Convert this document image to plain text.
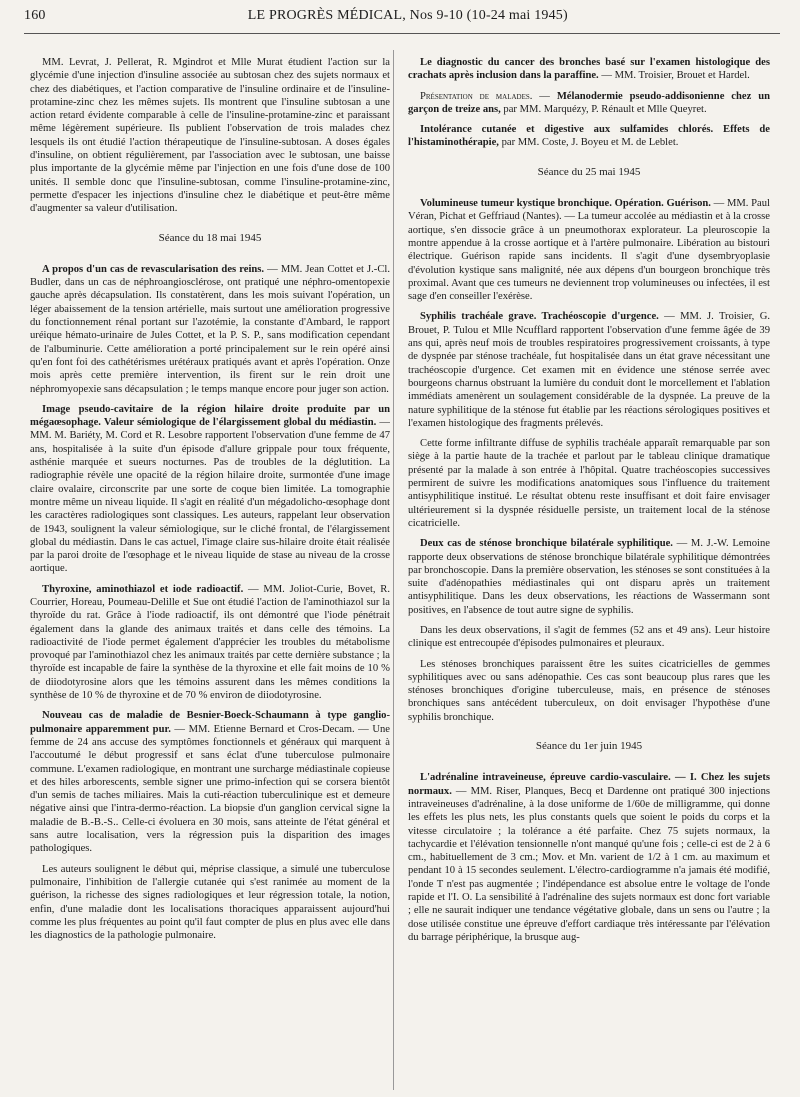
160	LE PROGRÈS MÉDICAL, Nos 9-10 (10-24 mai 1945)

MM. Levrat, J. Pellerat, R. Mgindrot et Mlle Murat étudient l'action sur la glycémie d'une injection d'insuline associée au subtosan chez des sujets normaux et chez des diabétiques, et l'action comparative de l'insuline ordinaire et de l'insuline-protamine-zinc chez les mêmes sujets. Ils montrent que l'insuline subtosan a une action retard évidente comparable à celle de l'insuline-protamine-zinc et paraissant même légèrement supérieure. Ils publient l'observation de trois malades chez lesquels ils ont étudié l'action thérapeutique de l'insuline-subtosan. A doses égales d'insuline, on obtient régulièrement, par l'association avec le subtosan, une baisse plus importante de la glycémie même par l'injection en une fois d'une dose de 100 unités. Il semble donc que l'insuline-subtosan, comme l'insuline-protamine-zinc, permette d'espacer les injections d'insuline chez le diabétique et peut-être même d'augmenter sa valeur d'utilisation.

Séance du 18 mai 1945

A propos d'un cas de revascularisation des reins. — MM. Jean Cottet et J.-Cl. Budler, dans un cas de néphroangiosclérose, ont pratiqué une néphro-omentopexie gauche après décapsulation. Ils constatèrent, dans les mois suivant l'opération, un léger abaissement de la tension artérielle, mais surtout une amélioration progressive du fonctionnement rénal portant sur l'azotémie, la constante d'Ambard, le rapport uréique hémato-urinaire de Jules Cottet, et la P. S. P., sans modification cependant de l'albuminurie. Cette amélioration a porté principalement sur le rein opéré ainsi qu'en font foi des cathétérismes urétéraux pratiqués avant et après l'opération. Onze mois après cette première intervention, ils firent sur le rein droit une néphromyopexie sans décapsulation ; le temps manque encore pour juger son action.

Image pseudo-cavitaire de la région hilaire droite produite par un mégaœsophage. Valeur sémiologique de l'élargissement global du médiastin. — MM. M. Bariéty, M. Cord et R. Lesobre rapportent l'observation d'une femme de 47 ans, hospitalisée à la suite d'un épisode d'allure grippale pour toux fréquente, asthénie marquée et sueurs nocturnes. Pas de troubles de la déglutition. La radiographie révèle une opacité de la région hilaire droite, surmontée d'une image claire ovalaire, circonscrite par une sorte de coque bien limitée. La tomographie montre même un niveau liquide. Il s'agit en réalité d'un mégadolicho-œsophage dont les caractères radiologiques sont classiques. Les auteurs, rappelant leur observation de 1943, soulignent la valeur sémiologique, sur le cliché frontal, de l'élargissement global du médiastin. Dans le cas actuel, l'image claire sus-hilaire droite était réalisée par la paroi droite de l'œsophage et le niveau liquide de stase au niveau de la crosse aortique.

Thyroxine, aminothiazol et iode radioactif. — MM. Joliot-Curie, Bovet, R. Courrier, Horeau, Poumeau-Delille et Sue ont étudié l'action de l'aminothiazol sur la thyroïde du rat. Grâce à l'iode radioactif, ils ont démontré que l'iode pénétrait également dans la glande des animaux traités et dans celle des témoins. La radioactivité de l'iode permet également d'apprécier les troubles du métabolisme provoqué par l'aminothiazol chez les animaux traités par cette dernière substance ; la thyroïde est incapable de faire la synthèse de la thyroxine et elle fait moins de 10 % de diiodotyrosine alors que les témoins assurent dans les mêmes conditions la synthèse de 10 % de thyroxine et de 70 % environ de diiodotyrosine.

Nouveau cas de maladie de Besnier-Boeck-Schaumann à type ganglio-pulmonaire apparemment pur. — MM. Etienne Bernard et Cros-Decam. — Une femme de 24 ans accuse des symptômes fonctionnels et généraux qui marquent à l'accoutumé le début progressif et sans éclat d'une tuberculose pulmonaire commune. L'examen radiologique, en montrant une surcharge médiastinale copieuse et des hiles arborescents, semble signer une primo-infection qui se corsera bientôt d'un semis de taches miliaires. Mais la cuti-réaction tuberculinique est et demeure négative ainsi que l'intra-dermo-réaction. La biopsie d'un ganglion cervical signe la maladie de B.-B.-S.. Celle-ci évoluera en 30 mois, sans atteinte de l'état général et sans autre localisation, vers la régression puis la disparition des images pathologiques.

Les auteurs soulignent le début qui, méprise classique, a simulé une tuberculose pulmonaire, l'inhibition de l'allergie cutanée qui s'est ranimée au moment de la guérison, la richesse des signes radiologiques et leur régression totale, la notion, enfin, d'une maladie dont les localisations thoraciques apparaissent aujourd'hui comme les plus fréquentes au point qu'il faut compter de plus en plus avec elle dans les diagnostics de la pathologie pulmonaire.

Le diagnostic du cancer des bronches basé sur l'examen histologique des crachats après inclusion dans la paraffine. — MM. Troisier, Brouet et Hardel.

Présentation de malades. — Mélanodermie pseudo-addisonienne chez un garçon de treize ans, par MM. Marquézy, P. Rénault et Mlle Queyret.

Intolérance cutanée et digestive aux sulfamides chlorés. Effets de l'histaminothérapie, par MM. Coste, J. Boyeu et M. de Leblet.

Séance du 25 mai 1945

Volumineuse tumeur kystique bronchique. Opération. Guérison. — MM. Paul Véran, Pichat et Geffriaud (Nantes). — La tumeur accolée au médiastin et à la crosse aortique, s'en dissocie grâce à un pneumothorax explorateur. La pleuroscopie la montre appendue à la crosse aortique et à l'artère pulmonaire. Libération au bistouri électrique. Guérison rapide sans incidents. Il s'agit d'une dysembryoplasie d'évolution kystique sans malignité, née aux dépens d'un bourgeon bronchique très proximal. Avant que ces tumeurs ne deviennent trop volumineuses ou infectées, il est sage d'en conseiller l'exérèse.

Syphilis trachéale grave. Trachéoscopie d'urgence. — MM. J. Troisier, G. Brouet, P. Tulou et Mlle Ncufflard rapportent l'observation d'une femme âgée de 39 ans qui, après neuf mois de troubles respiratoires progressivement croissants, à type de dyspnée par sténose trachéale, fut hospitalisée dans un état grave nécessitant une trachéoscopie d'urgence. Cet examen mit en évidence une sténose serrée avec bourgeons charnus obstruant la lumière du conduit dont le morcellement et l'ablation immédiats amenèrent un soulagement considérable de la dyspnée. La preuve de la nature syphilitique de la sténose fut établie par les réactions sérologiques positives et l'examen histologique des fragments prélevés.

Cette forme infiltrante diffuse de syphilis trachéale apparaît remarquable par son siège à la partie haute de la trachée et parlout par le tableau clinique dramatique présenté par la malade à son entrée à l'hôpital. Quatre trachéoscopies successives permirent de suivre les modifications anatomiques sous l'influence du traitement antisyphilitique institué. Le résultat obtenu reste insuffisant et doit faire envisager ultérieurement si la dyspnée résiduelle persiste, un traitement local de la sténose cicatricielle.

Deux cas de sténose bronchique bilatérale syphilitique. — M. J.-W. Lemoine rapporte deux observations de sténose bronchique bilatérale syphilitique démontrées par bronchoscopie. Dans la première observation, les sténoses se sont constituées à la suite d'adénopathies médiastinales qui ont disparu après un traitement antisyphilitique. Dans les deux observations, les réactions de Wassermann sont positives, en l'absence de tout autre signe de syphilis.

Dans les deux observations, il s'agit de femmes (52 ans et 49 ans). Leur histoire clinique est entrecoupée d'épisodes pulmonaires et pleuraux.

Les sténoses bronchiques paraissent être les suites cicatricielles de gemmes syphilitiques avec ou sans adénopathie. Ces cas sont beaucoup plus rares que les sténoses bronchiques d'origine tuberculeuse, mais, en présence de sténoses bronchiques sans antécédent tuberculeux, on doit envisager l'hypothèse d'une syphilis bronchique.

Séance du 1er juin 1945

L'adrénaline intraveineuse, épreuve cardio-vasculaire. — I. Chez les sujets normaux. — MM. Riser, Planques, Becq et Dardenne ont pratiqué 300 injections intraveineuses d'adrénaline, à la dose uniforme de 1/60e de milligramme, qui donne les effets les plus nets, les plus constants quels que soient le poids du corps et la vitesse circulatoire ; la tolérance a été parfaite. Chez 75 sujets normaux, la tachycardie et l'élévation tensionnelle n'ont manqué qu'une fois ; celle-ci est de 2 à 6 cm., habituellement de 3 cm.; Mov. et Mn. varient de 1/2 à 1 cm. au maximum et pendant 10 à 15 secondes seulement. L'électro-cardiogramme n'a jamais été modifié, l'onde T n'est pas augmentée ; l'indépendance est absolue entre le voltage de l'onde rapide et l'I. O. La sensibilité à l'adrénaline des sujets normaux est donc fort variable ; elle ne saurait indiquer une tendance végétative globale, dans un sens ou l'autre ; la dose utilisée constitue une épreuve d'effort cardiaque très intéressante par l'élévation du barrage périphérique, la brusque aug-
